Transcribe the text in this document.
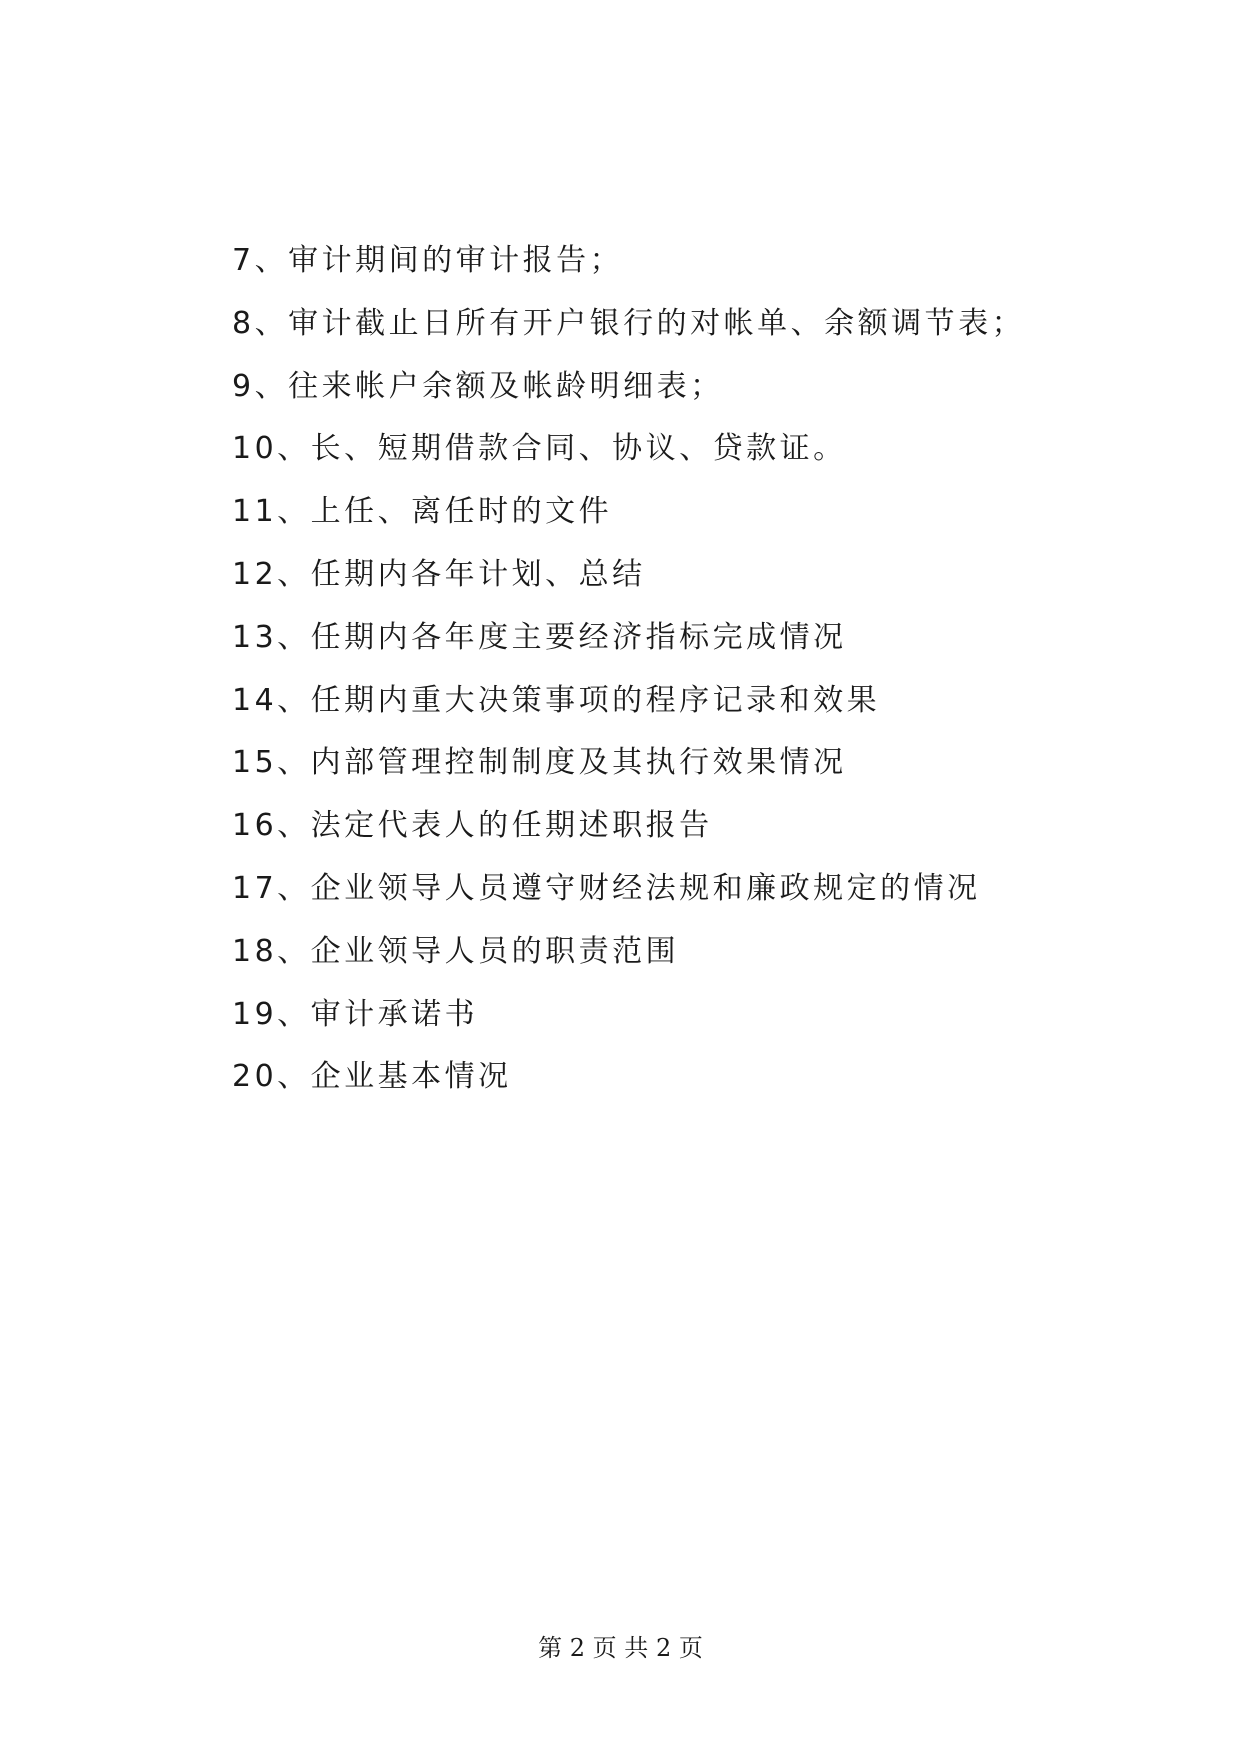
7、审计期间的审计报告；
8、审计截止日所有开户银行的对帐单、余额调节表；
9、往来帐户余额及帐龄明细表；
10、长、短期借款合同、协议、贷款证。
11、上任、离任时的文件
12、任期内各年计划、总结
13、任期内各年度主要经济指标完成情况
14、任期内重大决策事项的程序记录和效果
15、内部管理控制制度及其执行效果情况
16、法定代表人的任期述职报告
17、企业领导人员遵守财经法规和廉政规定的情况
18、企业领导人员的职责范围
19、审计承诺书
20、企业基本情况
第 2 页 共 2 页
